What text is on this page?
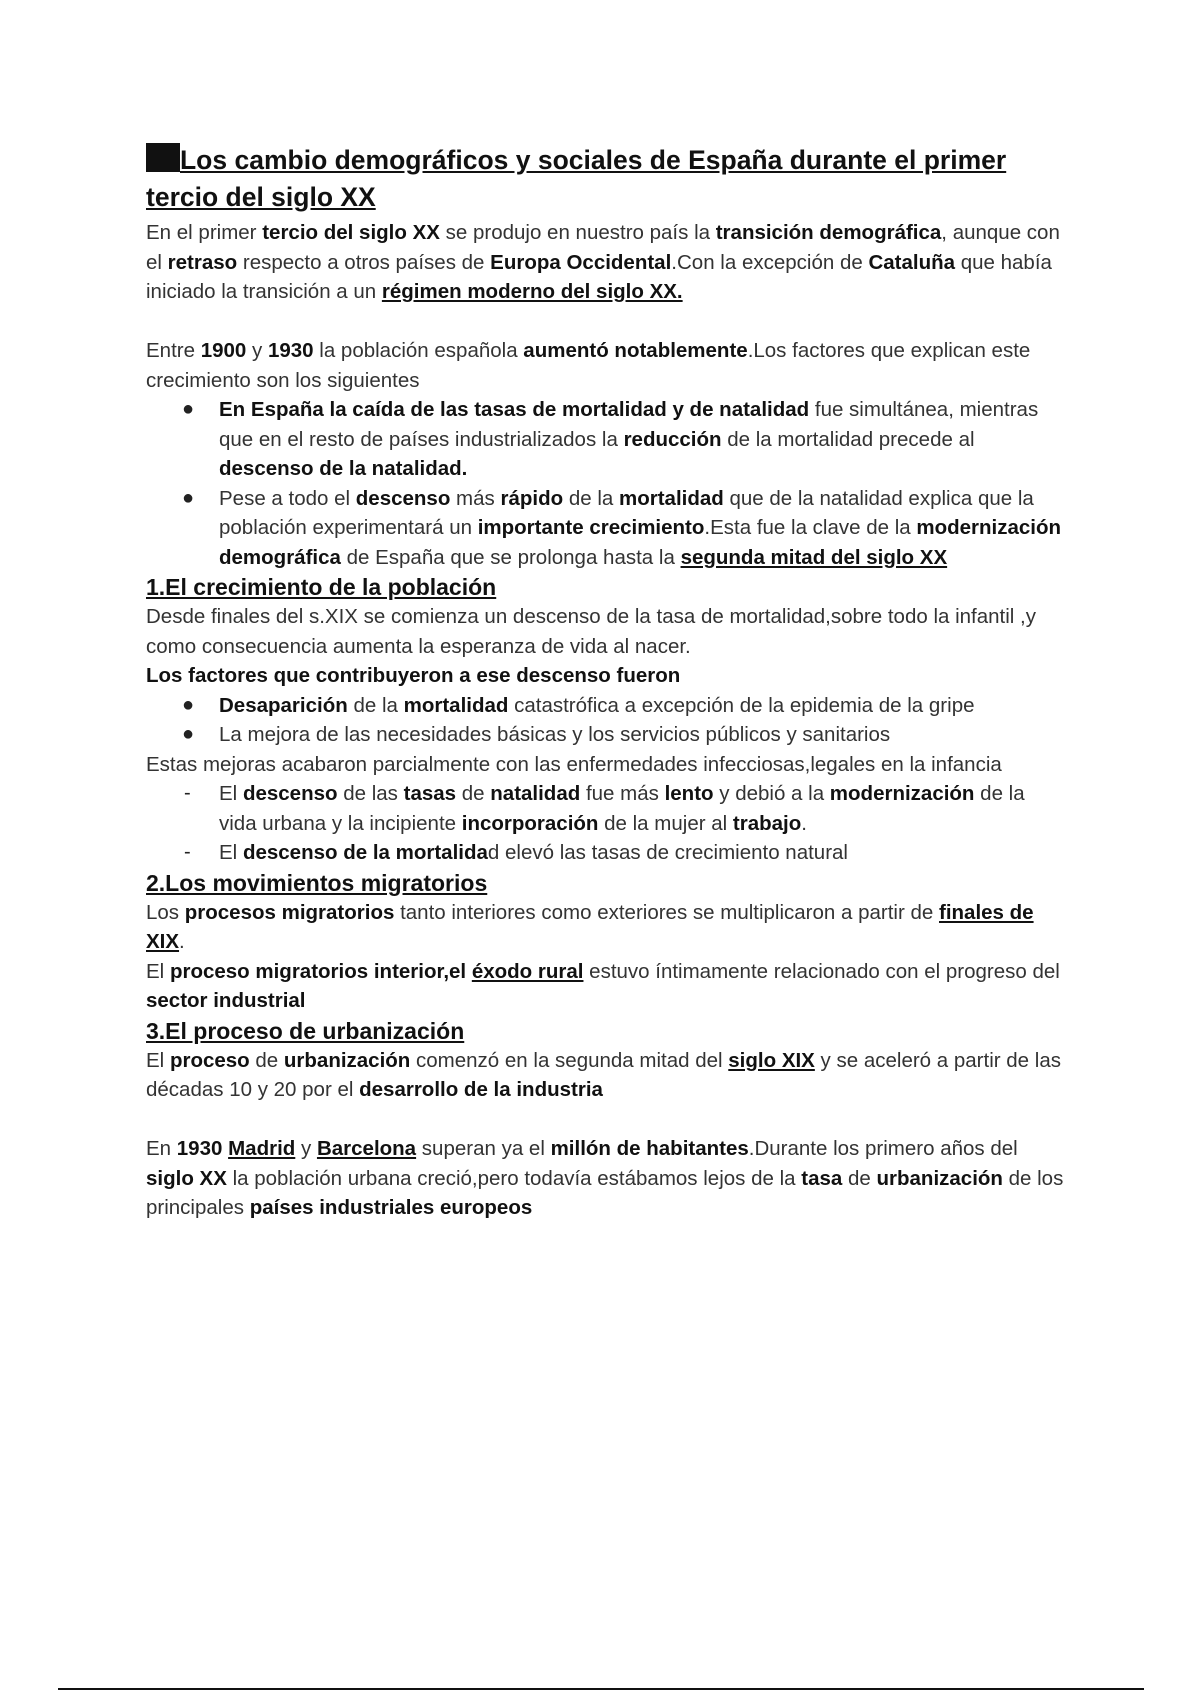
Los cambio demográficos y sociales de España durante el primer tercio del siglo XX

En el primer tercio del siglo XX se produjo en nuestro país la transición demográfica, aunque con el retraso respecto a otros países de Europa Occidental.Con la excepción de Cataluña que había iniciado la transición a un régimen moderno del siglo XX.

Entre 1900 y 1930 la población española aumentó notablemente.Los factores que explican este crecimiento son los siguientes

● En España la caída de las tasas de mortalidad y de natalidad fue simultánea, mientras que en el resto de países industrializados la reducción de la mortalidad precede al descenso de la natalidad.
● Pese a todo el descenso más rápido de la mortalidad que de la natalidad explica que la población experimentará un importante crecimiento.Esta fue la clave de la modernización demográfica de España que se prolonga hasta la segunda mitad del siglo XX
1.El crecimiento de la población

Desde finales del s.XIX se comienza un descenso de la tasa de mortalidad,sobre todo la infantil ,y como consecuencia aumenta la esperanza de vida al nacer.

Los factores que contribuyeron a ese descenso fueron

● Desaparición de la mortalidad catastrófica a excepción de la epidemia de la gripe
● La mejora de las necesidades básicas y los servicios públicos y sanitarios

Estas mejoras acabaron parcialmente con las enfermedades infecciosas,legales en la infancia

- El descenso de las tasas de natalidad fue más lento y debió a la modernización de la vida urbana y la incipiente incorporación de la mujer al trabajo.
- El descenso de la mortalidad elevó las tasas de crecimiento natural
2.Los movimientos migratorios

Los procesos migratorios tanto interiores como exteriores se multiplicaron a partir de finales de XIX.

El proceso migratorios interior,el éxodo rural estuvo íntimamente relacionado con el progreso del sector industrial

3.El proceso de urbanización

El proceso de urbanización comenzó en la segunda mitad del siglo XIX y se aceleró a partir de las décadas 10 y 20 por el desarrollo de la industria

En 1930 Madrid y Barcelona superan ya el millón de habitantes.Durante los primero años del siglo XX la población urbana creció,pero todavía estábamos lejos de la tasa de urbanización de los principales países industriales europeos
